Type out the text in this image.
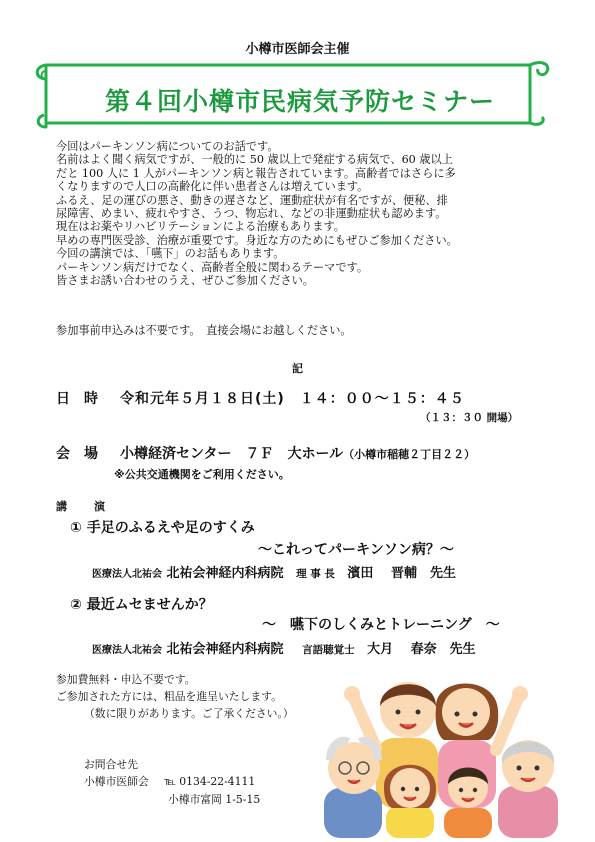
小樽市医師会主催
第４回小樽市民病気予防セミナー

今回はパーキンソン病についてのお話です。

名前はよく聞く病気ですが、一般的に 50 歳以上で発症する病気で、60 歳以上

だと 100 人に 1 人がパーキンソン病と報告されています。高齢者ではさらに多

くなりますので人口の高齢化に伴い患者さんは増えています。

ふるえ、足の運びの悪さ、動きの遅さなど、運動症状が有名ですが、便秘、排

尿障害、めまい、疲れやすさ、うつ、物忘れ、などの非運動症状も認めます。

現在はお薬やリハビリテーションによる治療もあります。

早めの専門医受診、治療が重要です。身近な方のためにもぜひご参加ください。

今回の講演では、「嚥下」のお話もあります。

パーキンソン病だけでなく、高齢者全般に関わるテーマです。

皆さまお誘い合わせのうえ、ぜひご参加ください。

参加事前申込みは不要です。　直接会場にお越しください。
記
日　時 令和元年５月１８日(土)　１４：００～１５：４５
（１３：３０ 開場）
会　場 小樽経済センター　７Ｆ　大ホール（小樽市稲穂２丁目２２）
※公共交通機関をご利用ください。
講　演
① 手足のふるえや足のすくみ
～これってパーキンソン病？～
医療法人北祐会 北祐会神経内科病院 理 事 長 濱田　 晋輔　先生
② 最近ムセませんか？
～　嚥下のしくみとトレーニング　～
医療法人北祐会 北祐会神経内科病院 言語聴覚士 大月　 春奈　先生
参加費無料・申込不要です。
ご参加された方には、粗品を進呈いたします。
（数に限りがあります。ご了承ください。）
お問合せ先
小樽市医師会 ℡ 0134-22-4111
小樽市富岡 1-5-15
